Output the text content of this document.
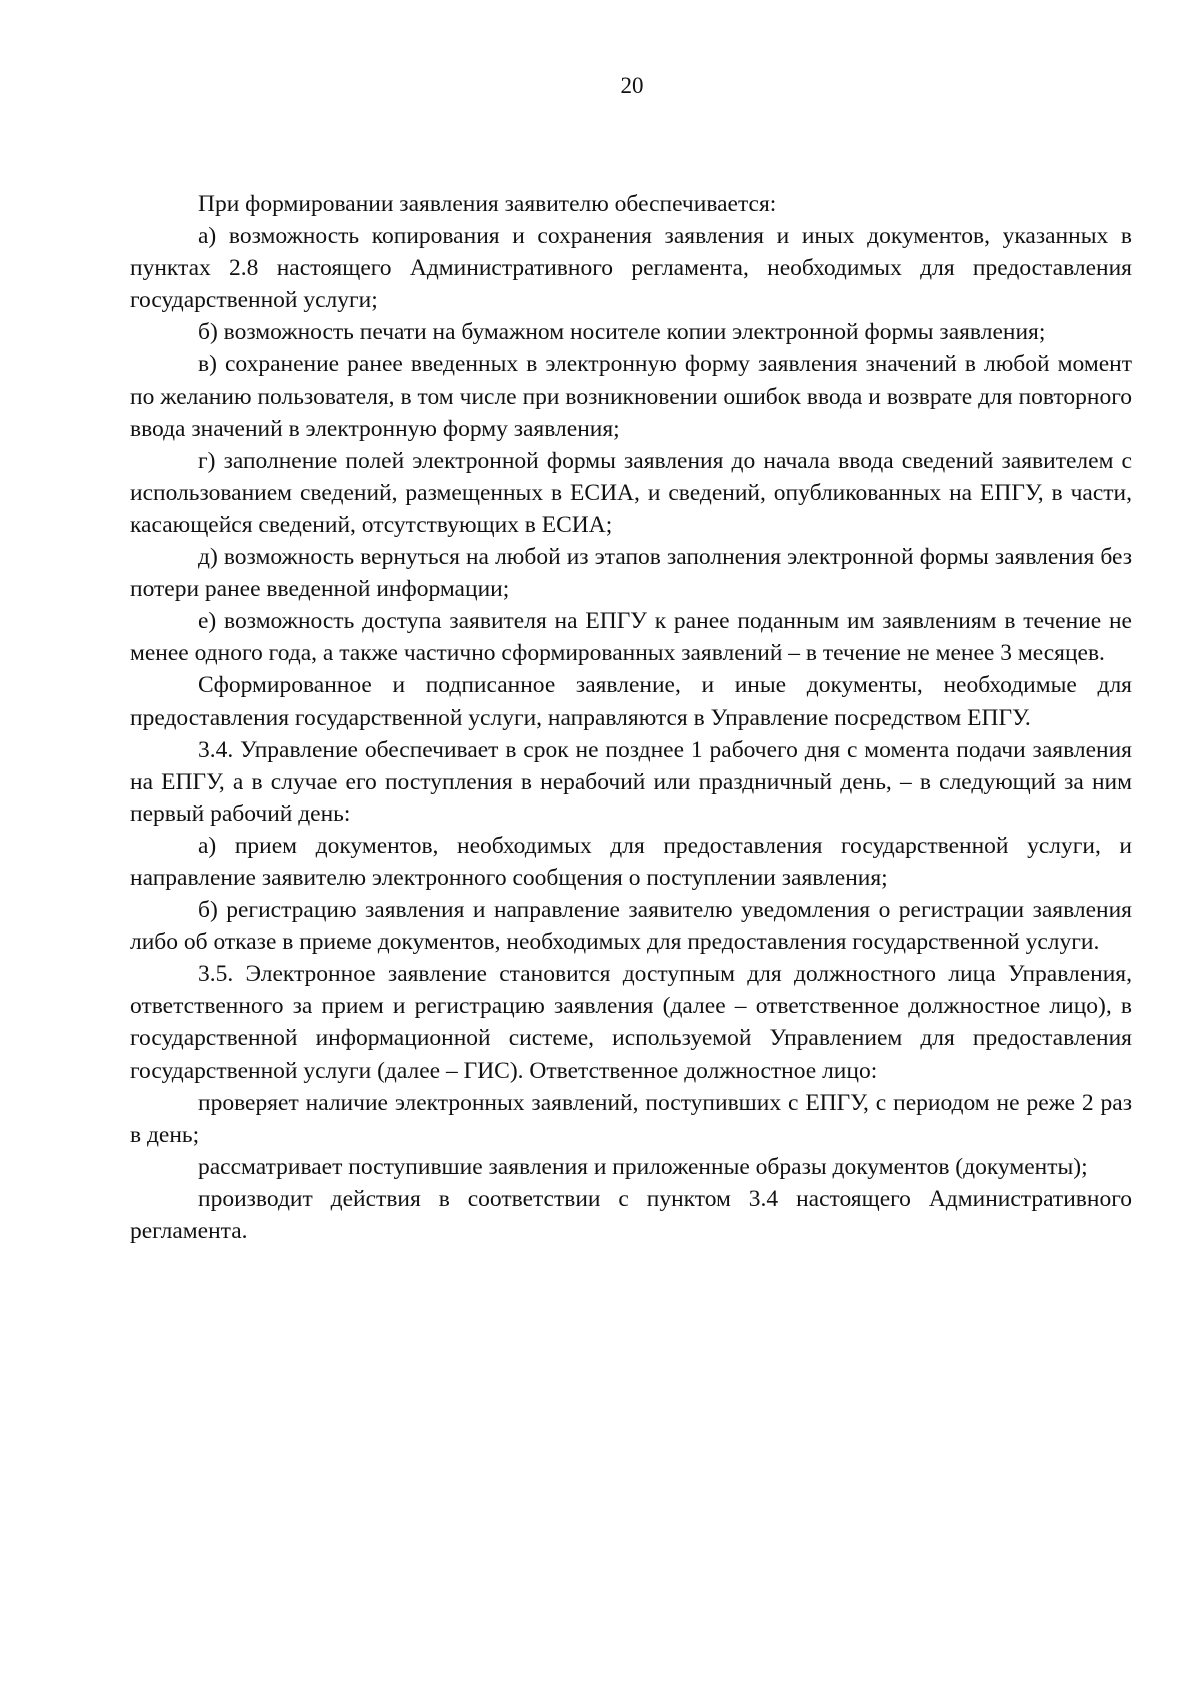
20

При формировании заявления заявителю обеспечивается:

а) возможность копирования и сохранения заявления и иных документов, указанных в пунктах 2.8 настоящего Административного регламента, необходимых для предоставления государственной услуги;

б) возможность печати на бумажном носителе копии электронной формы заявления;

в) сохранение ранее введенных в электронную форму заявления значений в любой момент по желанию пользователя, в том числе при возникновении ошибок ввода и возврате для повторного ввода значений в электронную форму заявления;

г) заполнение полей электронной формы заявления до начала ввода сведений заявителем с использованием сведений, размещенных в ЕСИА, и сведений, опубликованных на ЕПГУ, в части, касающейся сведений, отсутствующих в ЕСИА;

д) возможность вернуться на любой из этапов заполнения электронной формы заявления без потери ранее введенной информации;

е) возможность доступа заявителя на ЕПГУ к ранее поданным им заявлениям в течение не менее одного года, а также частично сформированных заявлений – в течение не менее 3 месяцев.

Сформированное и подписанное заявление, и иные документы, необходимые для предоставления государственной услуги, направляются в Управление посредством ЕПГУ.

3.4. Управление обеспечивает в срок не позднее 1 рабочего дня с момента подачи заявления на ЕПГУ, а в случае его поступления в нерабочий или праздничный день, – в следующий за ним первый рабочий день:

а) прием документов, необходимых для предоставления государственной услуги, и направление заявителю электронного сообщения о поступлении заявления;

б) регистрацию заявления и направление заявителю уведомления о регистрации заявления либо об отказе в приеме документов, необходимых для предоставления государственной услуги.

3.5. Электронное заявление становится доступным для должностного лица Управления, ответственного за прием и регистрацию заявления (далее – ответственное должностное лицо), в государственной информационной системе, используемой Управлением для предоставления государственной услуги (далее – ГИС). Ответственное должностное лицо:

проверяет наличие электронных заявлений, поступивших с ЕПГУ, с периодом не реже 2 раз в день;

рассматривает поступившие заявления и приложенные образы документов (документы);

производит действия в соответствии с пунктом 3.4 настоящего Административного регламента.
